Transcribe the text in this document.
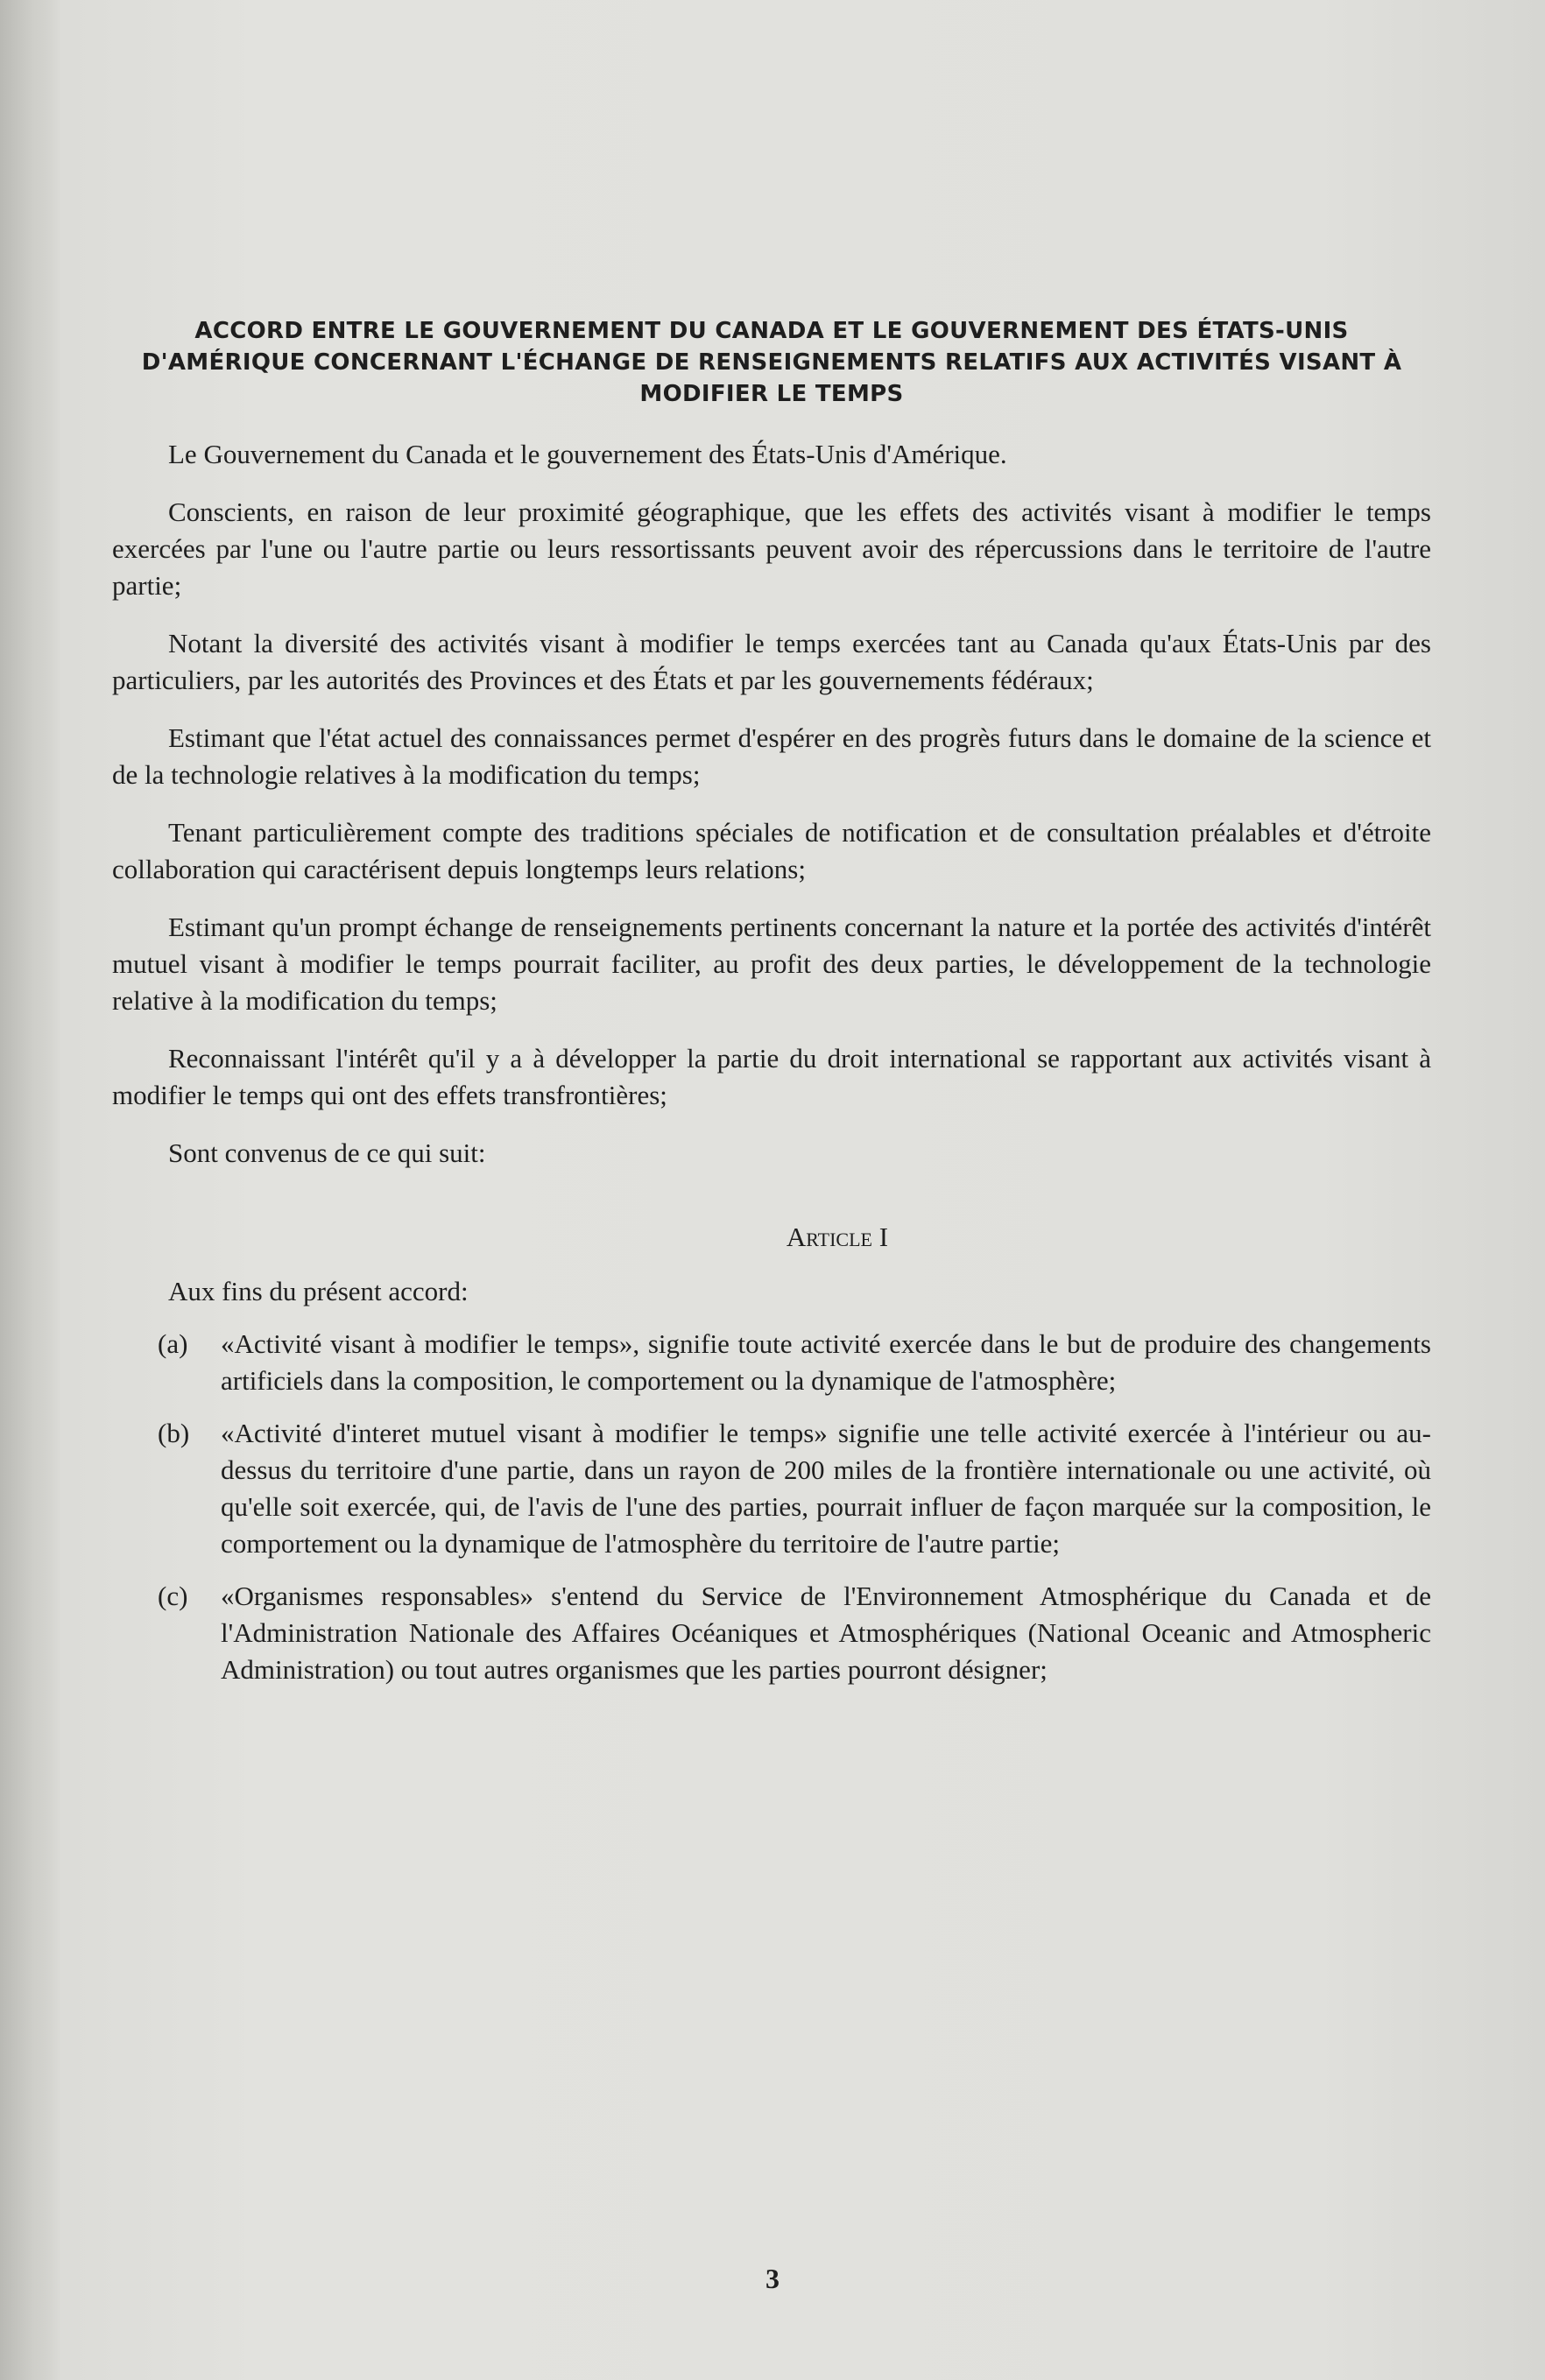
ACCORD ENTRE LE GOUVERNEMENT DU CANADA ET LE GOUVERNEMENT DES ÉTATS-UNIS D'AMÉRIQUE CONCERNANT L'ÉCHANGE DE RENSEIGNEMENTS RELATIFS AUX ACTIVITÉS VISANT À MODIFIER LE TEMPS

Le Gouvernement du Canada et le gouvernement des États-Unis d'Amérique.

Conscients, en raison de leur proximité géographique, que les effets des activités visant à modifier le temps exercées par l'une ou l'autre partie ou leurs ressortissants peuvent avoir des répercussions dans le territoire de l'autre partie;

Notant la diversité des activités visant à modifier le temps exercées tant au Canada qu'aux États-Unis par des particuliers, par les autorités des Provinces et des États et par les gouvernements fédéraux;

Estimant que l'état actuel des connaissances permet d'espérer en des progrès futurs dans le domaine de la science et de la technologie relatives à la modification du temps;

Tenant particulièrement compte des traditions spéciales de notification et de consultation préalables et d'étroite collaboration qui caractérisent depuis longtemps leurs relations;

Estimant qu'un prompt échange de renseignements pertinents concernant la nature et la portée des activités d'intérêt mutuel visant à modifier le temps pourrait faciliter, au profit des deux parties, le développement de la technologie relative à la modification du temps;

Reconnaissant l'intérêt qu'il y a à développer la partie du droit international se rapportant aux activités visant à modifier le temps qui ont des effets transfrontières;

Sont convenus de ce qui suit:

Article I
Aux fins du présent accord:
(a)	«Activité visant à modifier le temps», signifie toute activité exercée dans le but de produire des changements artificiels dans la composition, le comportement ou la dynamique de l'atmosphère;
(b)	«Activité d'interet mutuel visant à modifier le temps» signifie une telle activité exercée à l'intérieur ou au-dessus du territoire d'une partie, dans un rayon de 200 miles de la frontière internationale ou une activité, où qu'elle soit exercée, qui, de l'avis de l'une des parties, pourrait influer de façon marquée sur la composition, le comportement ou la dynamique de l'atmosphère du territoire de l'autre partie;
(c)	«Organismes responsables» s'entend du Service de l'Environnement Atmosphérique du Canada et de l'Administration Nationale des Affaires Océaniques et Atmosphériques (National Oceanic and Atmospheric Administration) ou tout autres organismes que les parties pourront désigner;
3
